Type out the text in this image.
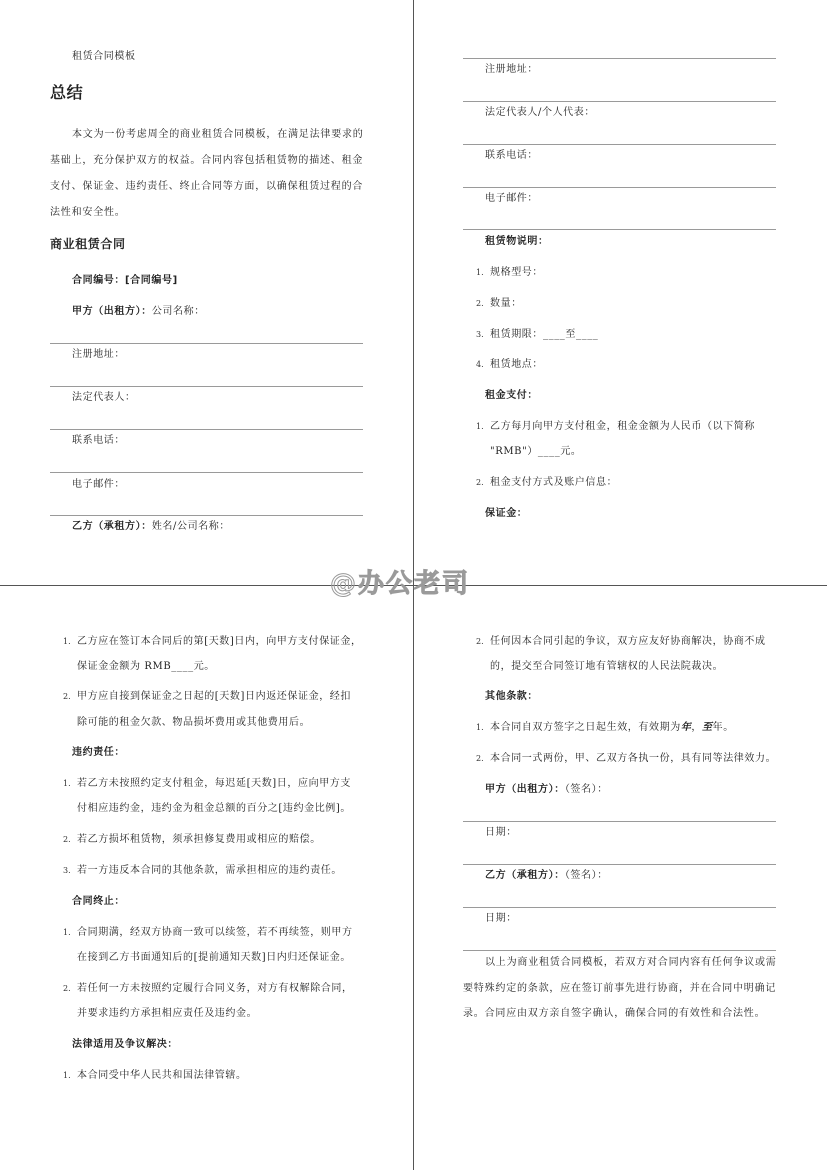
租赁合同模板
总结
本文为一份考虑周全的商业租赁合同模板，在满足法律要求的
基础上，充分保护双方的权益。合同内容包括租赁物的描述、租金
支付、保证金、违约责任、终止合同等方面，以确保租赁过程的合
法性和安全性。
商业租赁合同
合同编号：[合同编号]
甲方（出租方）：公司名称：
注册地址：
法定代表人：
联系电话：
电子邮件：
乙方（承租方）：姓名/公司名称：
注册地址：
法定代表人/个人代表：
联系电话：
电子邮件：
租赁物说明：
1. 规格型号：
2. 数量：
3. 租赁期限：____至____
4. 租赁地点：
租金支付：
1. 乙方每月向甲方支付租金，租金金额为人民币（以下简称
"RMB"）____元。
2. 租金支付方式及账户信息：
保证金：
1. 乙方应在签订本合同后的第[天数]日内，向甲方支付保证金，
保证金金额为 RMB____元。
2. 甲方应自接到保证金之日起的[天数]日内返还保证金，经扣
除可能的租金欠款、物品损坏费用或其他费用后。
违约责任：
1. 若乙方未按照约定支付租金，每迟延[天数]日，应向甲方支
付相应违约金，违约金为租金总额的百分之[违约金比例]。
2. 若乙方损坏租赁物，须承担修复费用或相应的赔偿。
3. 若一方违反本合同的其他条款，需承担相应的违约责任。
合同终止：
1. 合同期满，经双方协商一致可以续签，若不再续签，则甲方
在接到乙方书面通知后的[提前通知天数]日内归还保证金。
2. 若任何一方未按照约定履行合同义务，对方有权解除合同，
并要求违约方承担相应责任及违约金。
法律适用及争议解决：
1. 本合同受中华人民共和国法律管辖。
2. 任何因本合同引起的争议，双方应友好协商解决，协商不成
的，提交至合同签订地有管辖权的人民法院裁决。
其他条款：
1. 本合同自双方签字之日起生效，有效期为年，至年。
2. 本合同一式两份，甲、乙双方各执一份，具有同等法律效力。
甲方（出租方）：（签名）：
日期：
乙方（承租方）：（签名）：
日期：
以上为商业租赁合同模板，若双方对合同内容有任何争议或需
要特殊约定的条款，应在签订前事先进行协商，并在合同中明确记
录。合同应由双方亲自签字确认，确保合同的有效性和合法性。
@办公老司
